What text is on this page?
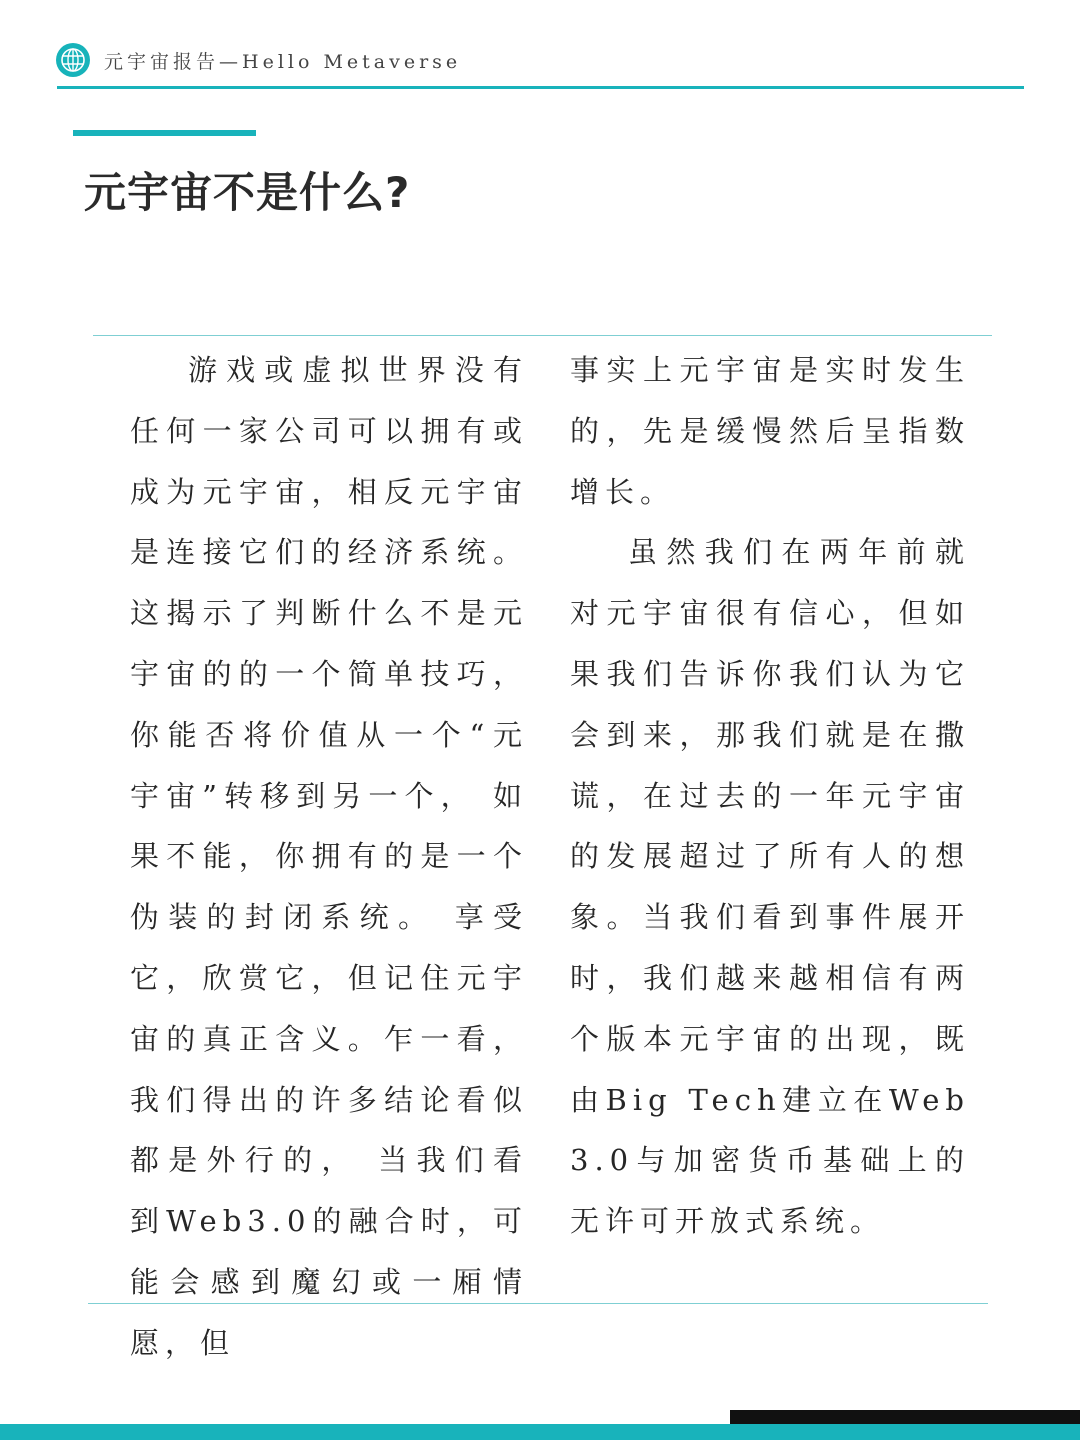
元宇宙报告—Hello Metaverse
元宇宙不是什么?

游戏或虚拟世界没有任何一家公司可以拥有或成为元宇宙，相反元宇宙是连接它们的经济系统。这揭示了判断什么不是元宇宙的的一个简单技巧，你能否将价值从一个“元宇宙”转移到另一个， 如果不能，你拥有的是一个伪装的封闭系统。 享受它，欣赏它，但记住元宇宙的真正含义。乍一看，我们得出的许多结论看似都是外行的， 当我们看到Web3.0的融合时，可能会感到魔幻或一厢情愿，但

事实上元宇宙是实时发生的，先是缓慢然后呈指数增长。

虽然我们在两年前就对元宇宙很有信心，但如果我们告诉你我们认为它会到来，那我们就是在撒谎，在过去的一年元宇宙的发展超过了所有人的想象。当我们看到事件展开时，我们越来越相信有两个版本元宇宙的出现，既由Big Tech建立在Web3.0与加密货币基础上的无许可开放式系统。
